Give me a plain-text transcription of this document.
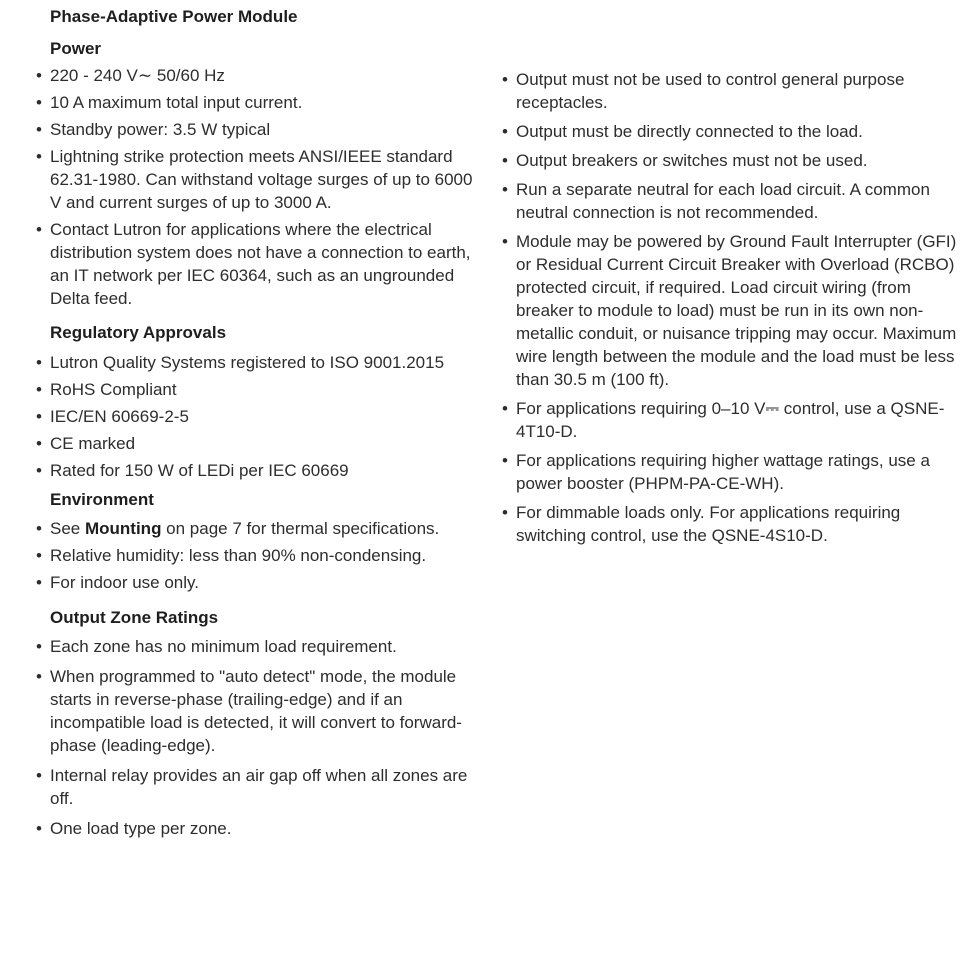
Phase-Adaptive Power Module
Power
• 220 - 240 V∼ 50/60 Hz
• 10 A maximum total input current.
• Standby power: 3.5 W typical
• Lightning strike protection meets ANSI/IEEE standard 62.31-1980. Can withstand voltage surges of up to 6000 V and current surges of up to 3000 A.
• Contact Lutron for applications where the electrical distribution system does not have a connection to earth, an IT network per IEC 60364, such as an ungrounded Delta feed.
Regulatory Approvals
• Lutron Quality Systems registered to ISO 9001.2015
• RoHS Compliant
• IEC/EN 60669-2-5
• CE marked
• Rated for 150 W of LEDi per IEC 60669
Environment
• See Mounting on page 7 for thermal specifications.
• Relative humidity: less than 90% non-condensing.
• For indoor use only.
Output Zone Ratings
• Each zone has no minimum load requirement.
• When programmed to "auto detect" mode, the module starts in reverse-phase (trailing-edge) and if an incompatible load is detected, it will convert to forward-phase (leading-edge).
• Internal relay provides an air gap off when all zones are off.
• One load type per zone.
• Output must not be used to control general purpose receptacles.
• Output must be directly connected to the load.
• Output breakers or switches must not be used.
• Run a separate neutral for each load circuit. A common neutral connection is not recommended.
• Module may be powered by Ground Fault Interrupter (GFI) or Residual Current Circuit Breaker with Overload (RCBO) protected circuit, if required. Load circuit wiring (from breaker to module to load) must be run in its own non-metallic conduit, or nuisance tripping may occur. Maximum wire length between the module and the load must be less than 30.5 m (100 ft).
• For applications requiring 0–10 V⎓ control, use a QSNE-4T10-D.
• For applications requiring higher wattage ratings, use a power booster (PHPM-PA-CE-WH).
• For dimmable loads only. For applications requiring switching control, use the QSNE-4S10-D.
